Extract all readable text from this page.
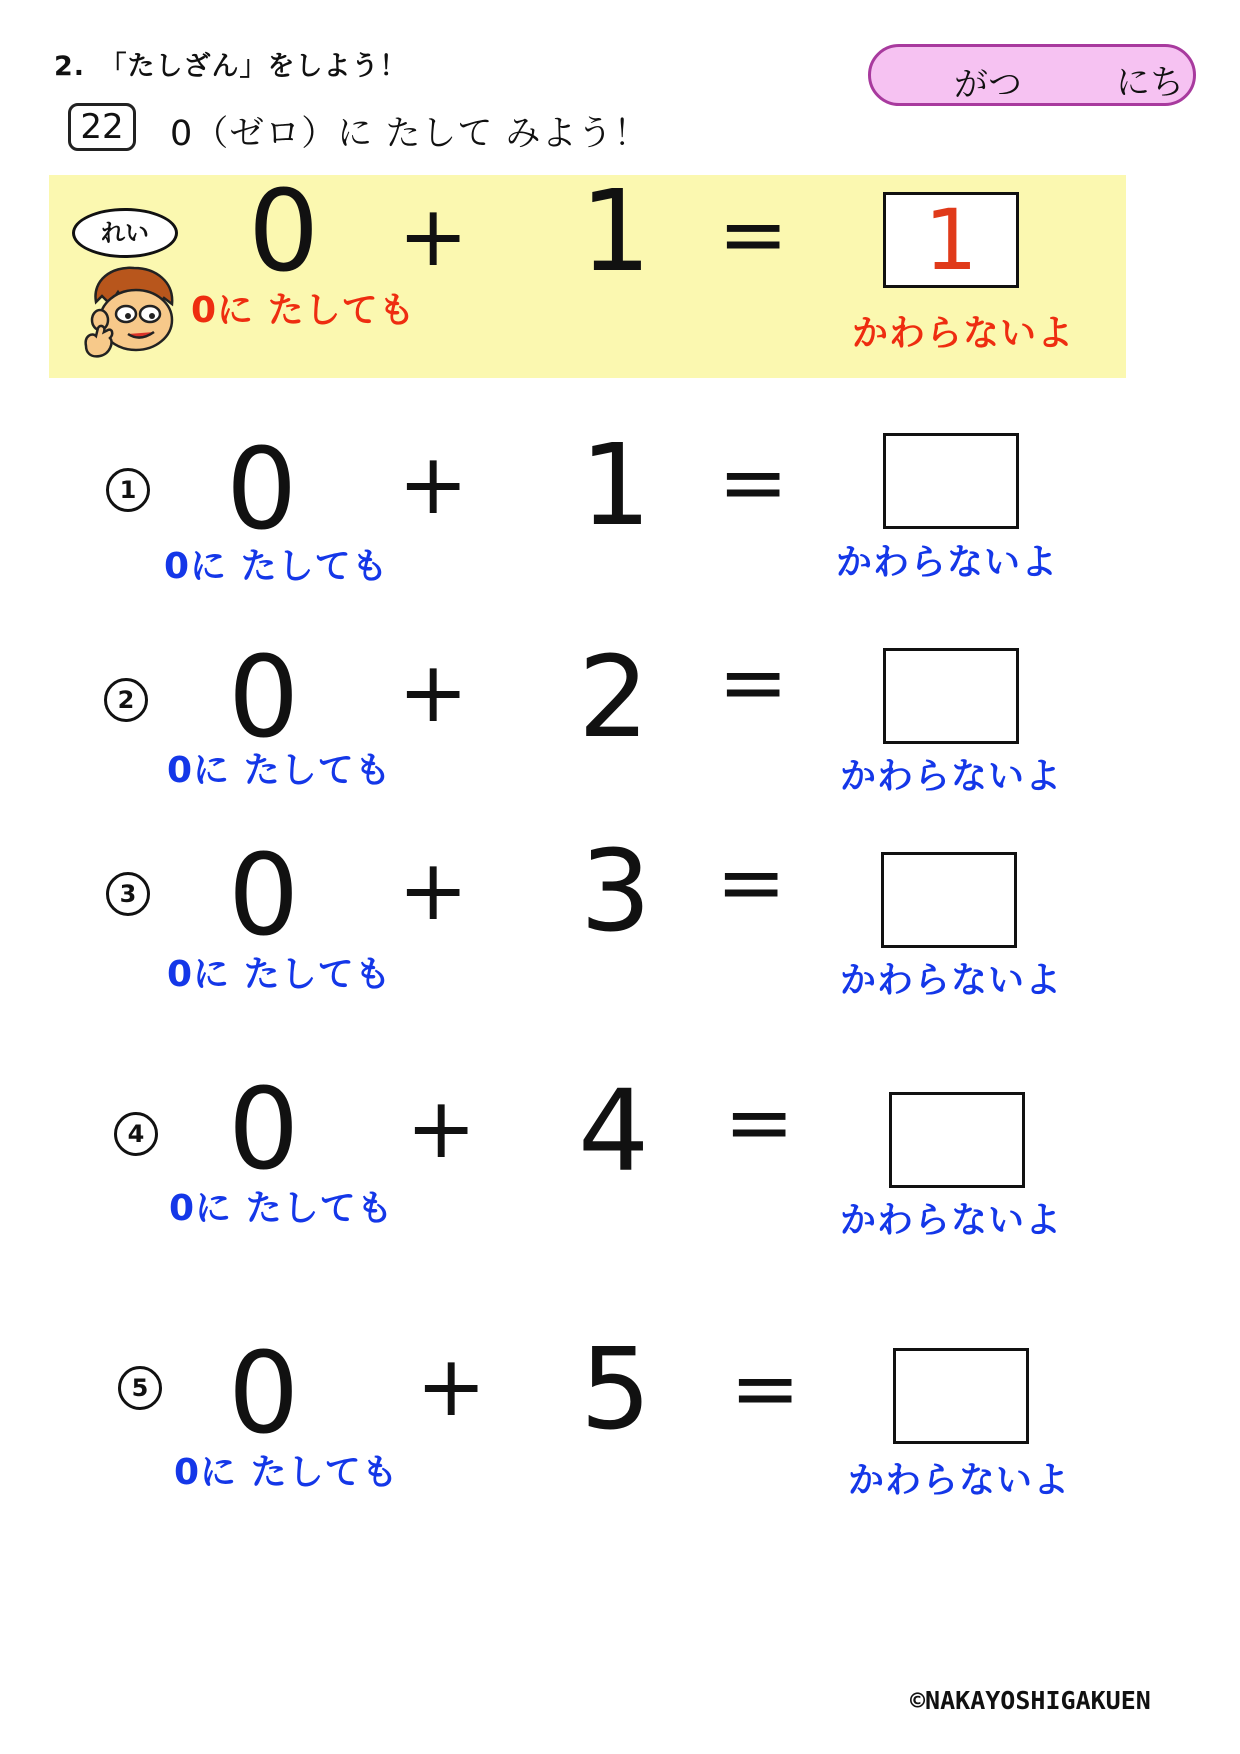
2.　「たしざん」をしよう！	がつ	にち
22	0（ゼロ）に たして みよう！
れい 0 + 1 =	1
0に たしても
かわらないよ
1 0 + 1 =
0に たしても	かわらないよ
2 0 + 2 =
0に たしても	かわらないよ
3 0 + 3 =
0に たしても	かわらないよ
4 0 + 4 =
0に たしても	かわらないよ
5 0 + 5 =
0に たしても	かわらないよ
©NAKAYOSHIGAKUEN
